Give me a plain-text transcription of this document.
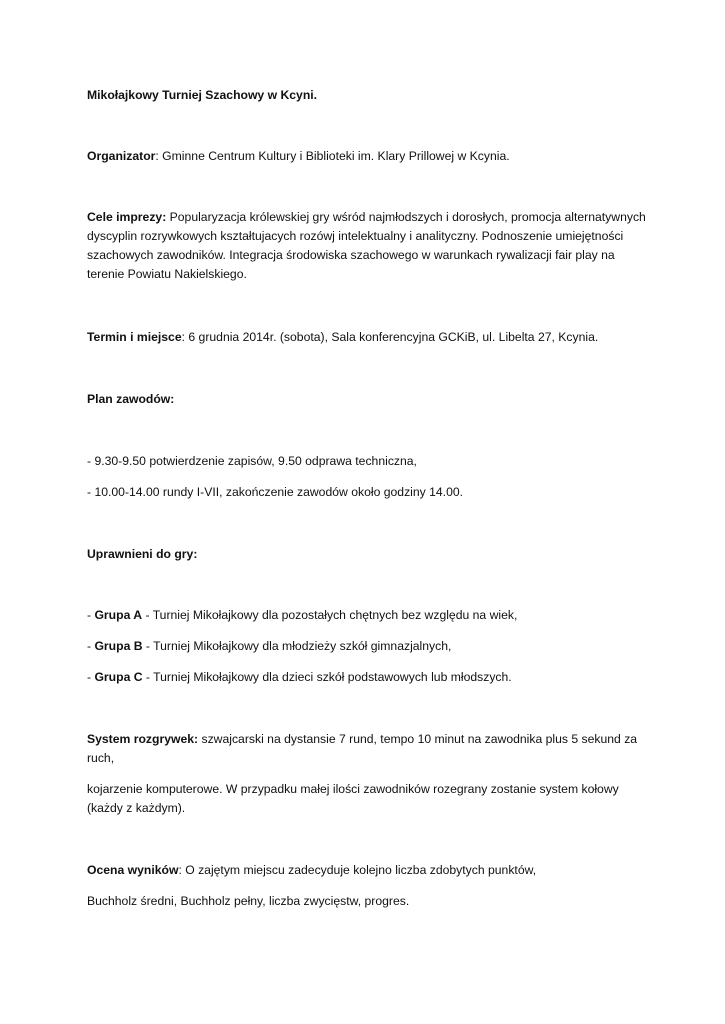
Mikołajkowy Turniej Szachowy w Kcyni.
Organizator: Gminne Centrum Kultury i Biblioteki im. Klary Prillowej w Kcynia.
Cele imprezy: Popularyzacja królewskiej gry wśród najmłodszych i dorosłych, promocja alternatywnych dyscyplin rozrywkowych kształtujacych rozówj intelektualny i analityczny. Podnoszenie umiejętności szachowych zawodników. Integracja środowiska szachowego w warunkach rywalizacji fair play na terenie Powiatu Nakielskiego.
Termin i miejsce: 6 grudnia 2014r. (sobota), Sala konferencyjna GCKiB, ul. Libelta 27, Kcynia.
Plan zawodów:
- 9.30-9.50 potwierdzenie zapisów, 9.50 odprawa techniczna,
- 10.00-14.00 rundy I-VII, zakończenie zawodów około godziny 14.00.
Uprawnieni do gry:
- Grupa A - Turniej Mikołajkowy dla pozostałych chętnych bez względu na wiek,
- Grupa B - Turniej Mikołajkowy dla młodzieży szkół gimnazjalnych,
- Grupa C - Turniej Mikołajkowy dla dzieci szkół podstawowych lub młodszych.
System rozgrywek: szwajcarski na dystansie 7 rund, tempo 10 minut na zawodnika plus 5 sekund za ruch,
kojarzenie komputerowe. W przypadku małej ilości zawodników rozegrany zostanie system kołowy (każdy z każdym).
Ocena wyników: O zajętym miejscu zadecyduje kolejno liczba zdobytych punktów,
Buchholz średni, Buchholz pełny, liczba zwycięstw, progres.
